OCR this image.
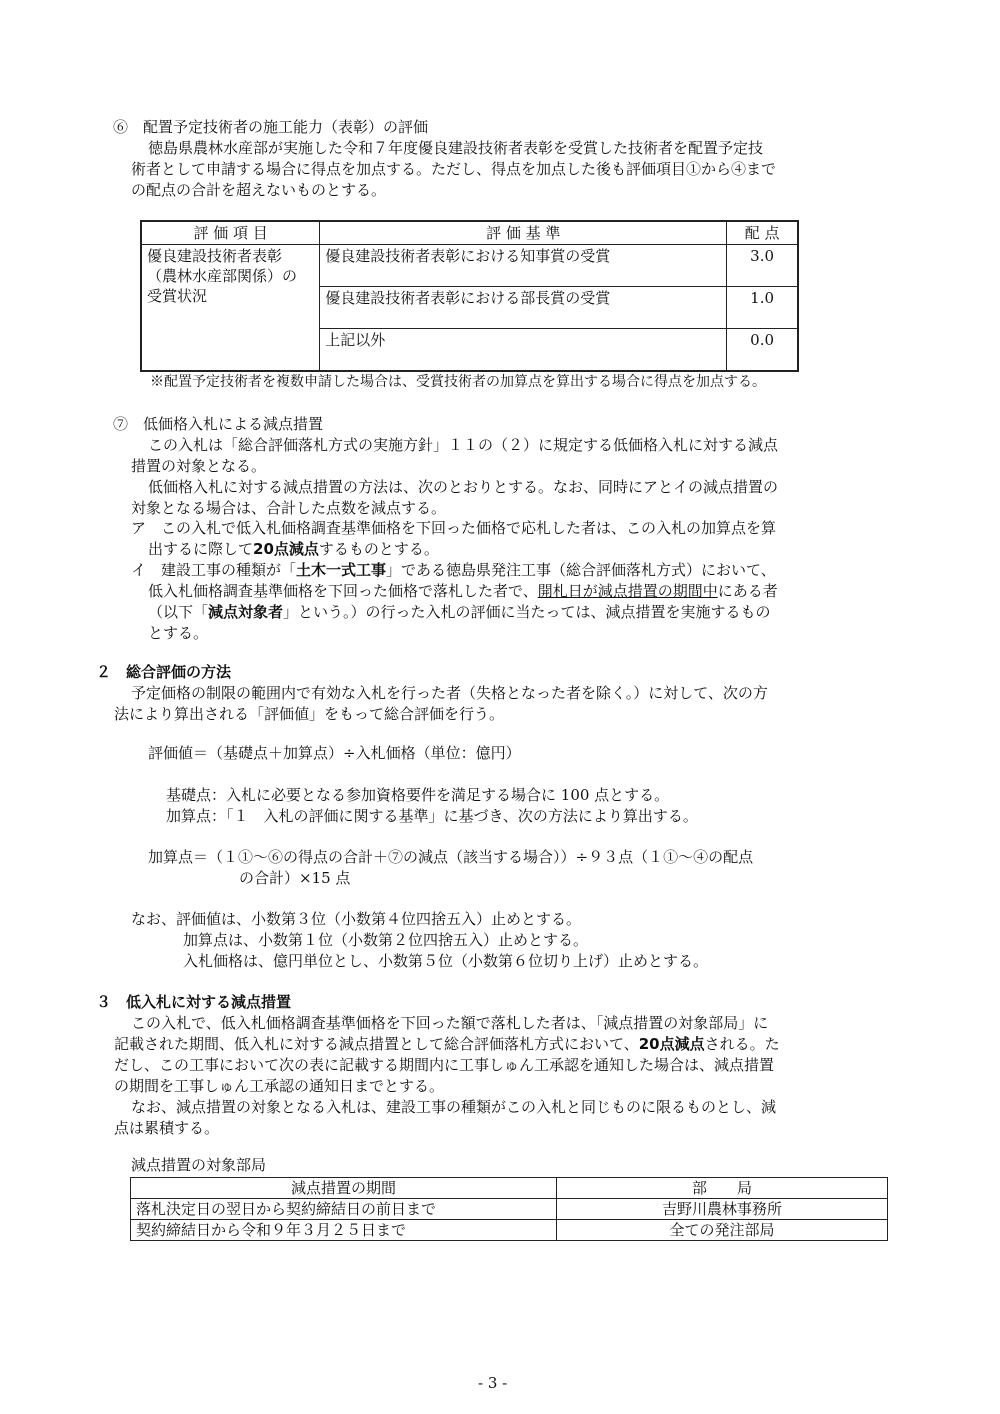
⑥　配置予定技術者の施工能力（表彰）の評価
徳島県農林水産部が実施した令和７年度優良建設技術者表彰を受賞した技術者を配置予定技
術者として申請する場合に得点を加点する。ただし、得点を加点した後も評価項目①から④まで
の配点の合計を超えないものとする。
評 価 項 目	評 価 基 準	配 点

優良建設技術者表彰
（農林水産部関係）の
受賞状況	優良建設技術者表彰における知事賞の受賞	3.0
	優良建設技術者表彰における部長賞の受賞	1.0
	上記以外	0.0
※配置予定技術者を複数申請した場合は、受賞技術者の加算点を算出する場合に得点を加点する。
⑦　低価格入札による減点措置
この入札は「総合評価落札方式の実施方針」１１の（２）に規定する低価格入札に対する減点
措置の対象となる。
低価格入札に対する減点措置の方法は、次のとおりとする。なお、同時にアとイの減点措置の
対象となる場合は、合計した点数を減点する。
ア　この入札で低入札価格調査基準価格を下回った価格で応札した者は、この入札の加算点を算
出するに際して20点減点するものとする。
イ　建設工事の種類が「土木一式工事」である徳島県発注工事（総合評価落札方式）において、
低入札価格調査基準価格を下回った価格で落札した者で、開札日が減点措置の期間中にある者
（以下「減点対象者」という。）の行った入札の評価に当たっては、減点措置を実施するもの
とする。
２　総合評価の方法
予定価格の制限の範囲内で有効な入札を行った者（失格となった者を除く。）に対して、次の方
法により算出される「評価値」をもって総合評価を行う。
評価値＝（基礎点＋加算点）÷入札価格（単位：億円）
基礎点：入札に必要となる参加資格要件を満足する場合に 100 点とする。
加算点：「１　入札の評価に関する基準」に基づき、次の方法により算出する。
加算点＝（１①～⑥の得点の合計＋⑦の減点（該当する場合））÷９３点（１①～④の配点
の合計）×15 点
なお、評価値は、小数第３位（小数第４位四捨五入）止めとする。
加算点は、小数第１位（小数第２位四捨五入）止めとする。
入札価格は、億円単位とし、小数第５位（小数第６位切り上げ）止めとする。
３　低入札に対する減点措置
この入札で、低入札価格調査基準価格を下回った額で落札した者は、「減点措置の対象部局」に
記載された期間、低入札に対する減点措置として総合評価落札方式において、20点減点される。た
だし、この工事において次の表に記載する期間内に工事しゅん工承認を通知した場合は、減点措置
の期間を工事しゅん工承認の通知日までとする。
なお、減点措置の対象となる入札は、建設工事の種類がこの入札と同じものに限るものとし、減
点は累積する。
減点措置の対象部局
減点措置の期間	部　　局
落札決定日の翌日から契約締結日の前日まで	吉野川農林事務所
契約締結日から令和９年３月２５日まで	全ての発注部局
- 3 -
